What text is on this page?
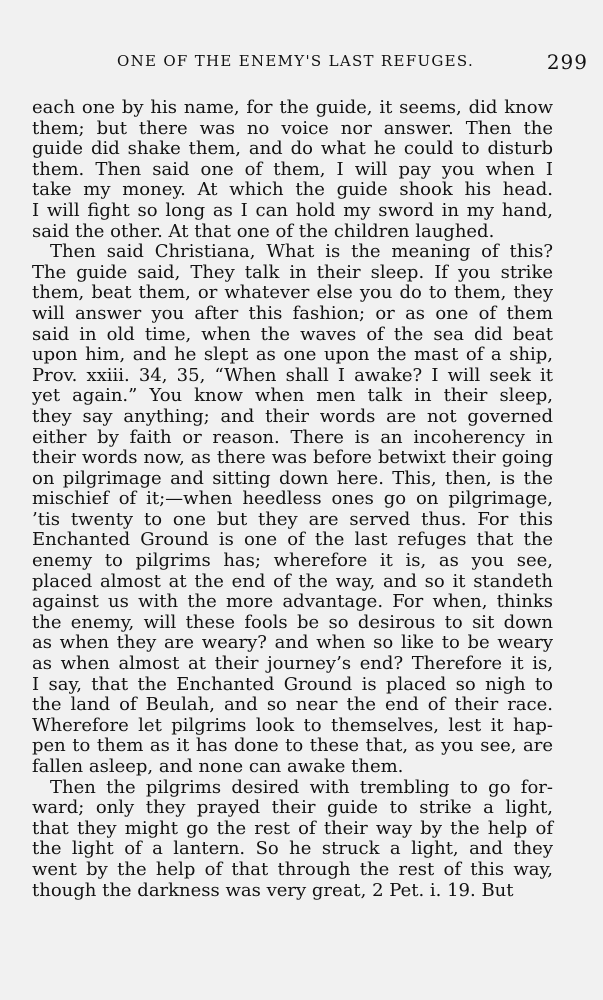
ONE OF THE ENEMY'S LAST REFUGES.	299
each one by his name, for the guide, it seems, did know
them; but there was no voice nor answer. Then the
guide did shake them, and do what he could to disturb
them. Then said one of them, I will pay you when I
take my money. At which the guide shook his head.
I will fight so long as I can hold my sword in my hand,
said the other. At that one of the children laughed.
Then said Christiana, What is the meaning of this?
The guide said, They talk in their sleep. If you strike
them, beat them, or whatever else you do to them, they
will answer you after this fashion; or as one of them
said in old time, when the waves of the sea did beat
upon him, and he slept as one upon the mast of a ship,
Prov. xxiii. 34, 35, “When shall I awake? I will seek it
yet again.” You know when men talk in their sleep,
they say anything; and their words are not governed
either by faith or reason. There is an incoherency in
their words now, as there was before betwixt their going
on pilgrimage and sitting down here. This, then, is the
mischief of it;—when heedless ones go on pilgrimage,
’tis twenty to one but they are served thus. For this
Enchanted Ground is one of the last refuges that the
enemy to pilgrims has; wherefore it is, as you see,
placed almost at the end of the way, and so it standeth
against us with the more advantage. For when, thinks
the enemy, will these fools be so desirous to sit down
as when they are weary? and when so like to be weary
as when almost at their journey’s end? Therefore it is,
I say, that the Enchanted Ground is placed so nigh to
the land of Beulah, and so near the end of their race.
Wherefore let pilgrims look to themselves, lest it hap-
pen to them as it has done to these that, as you see, are
fallen asleep, and none can awake them.
Then the pilgrims desired with trembling to go for-
ward; only they prayed their guide to strike a light,
that they might go the rest of their way by the help of
the light of a lantern. So he struck a light, and they
went by the help of that through the rest of this way,
though the darkness was very great, 2 Pet. i. 19. But
